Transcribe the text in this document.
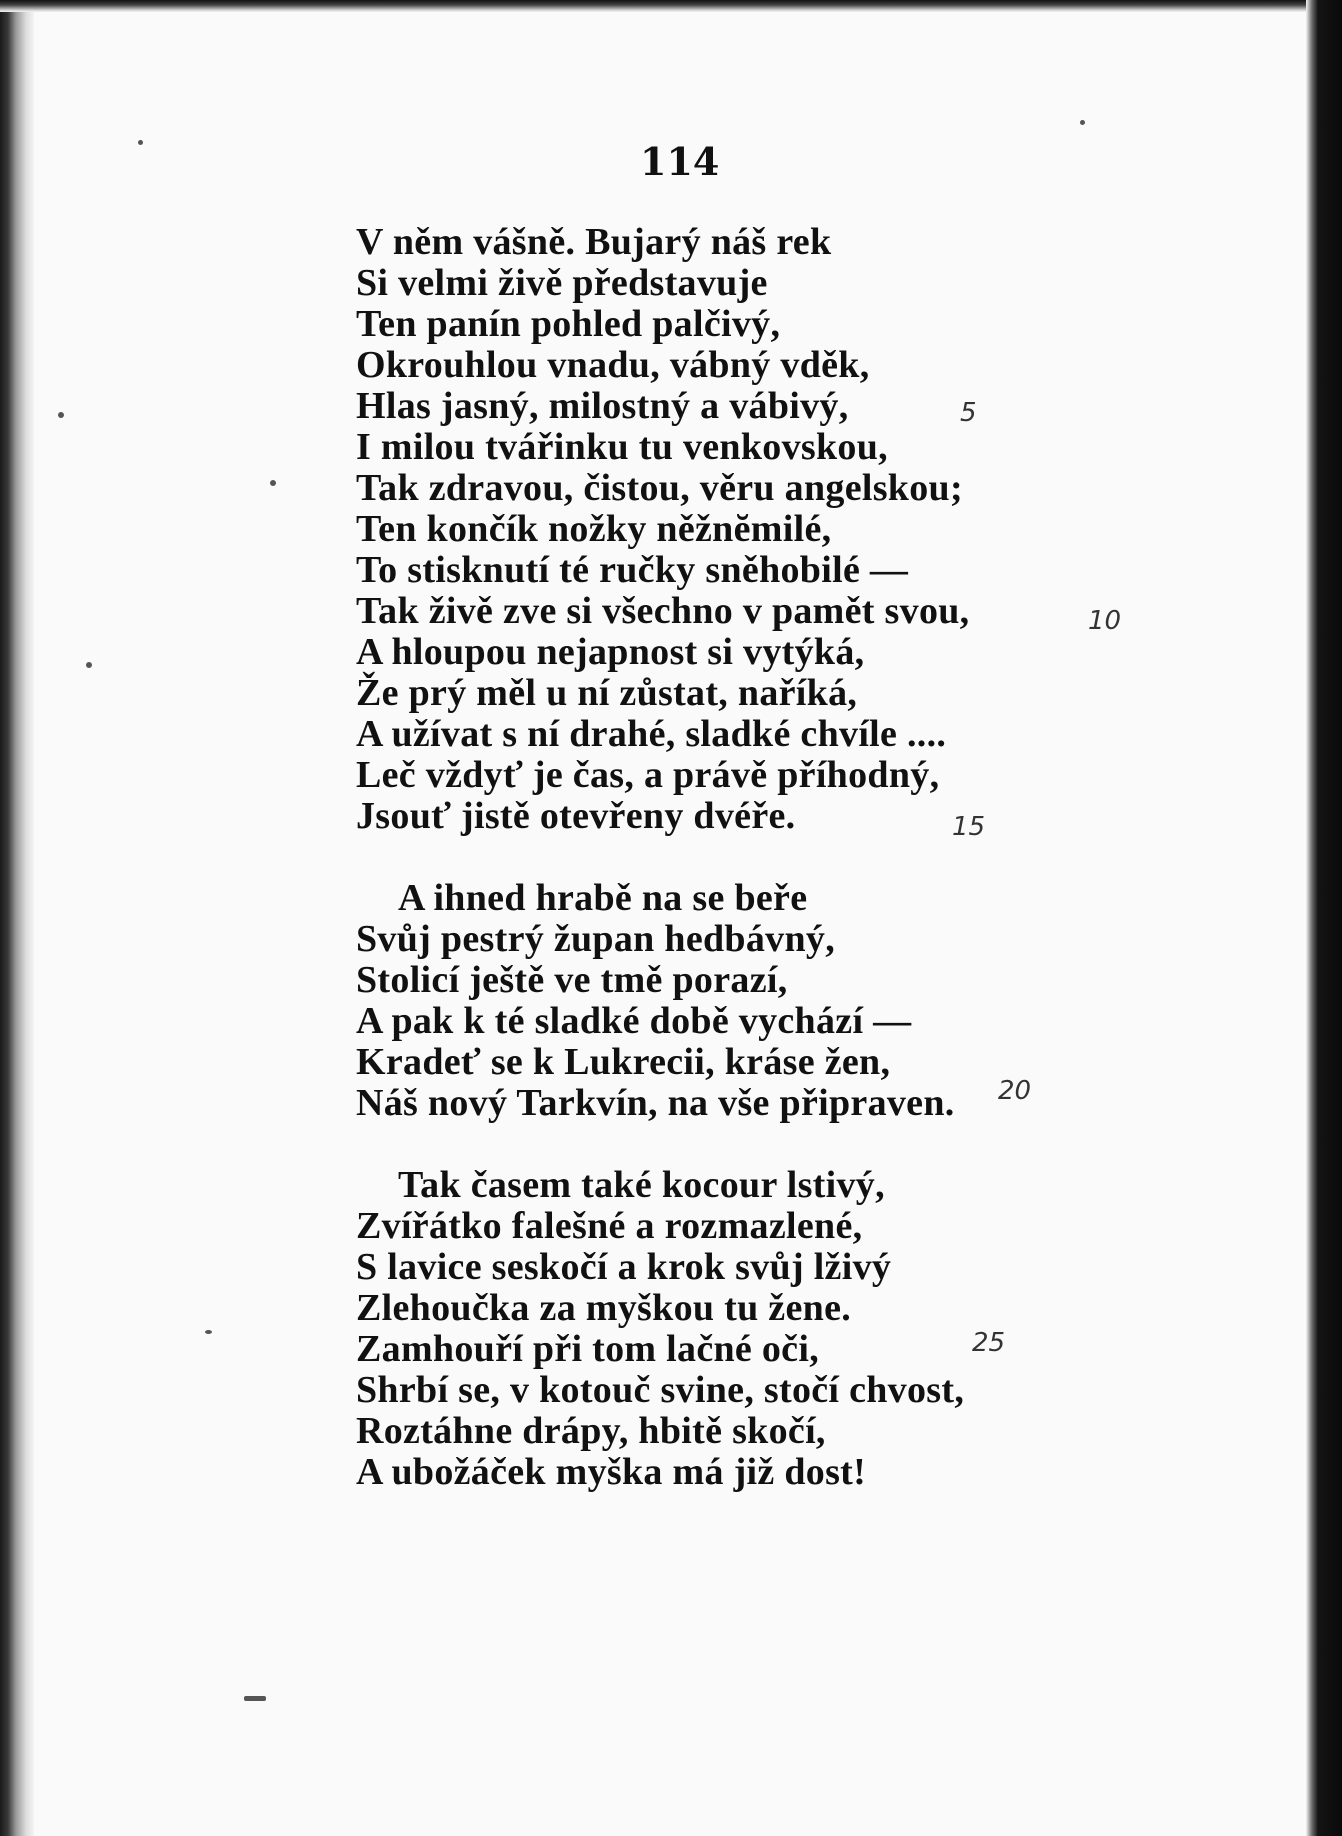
114
V něm vášně. Bujarý náš rek
Si velmi živě představuje
Ten panín pohled palčivý,
Okrouhlou vnadu, vábný vděk,
Hlas jasný, milostný a vábivý,
I milou tvářinku tu venkovskou,
Tak zdravou, čistou, věru angelskou;
Ten končík nožky něžnĕmilé,
To stisknutí té ručky sněhobilé —
Tak živě zve si všechno v pamět svou,
A hloupou nejapnost si vytýká,
Že prý měl u ní zůstat, naříká,
A užívat s ní drahé, sladké chvíle ....
Leč vždyť je čas, a právě příhodný,
Jsouť jistě otevřeny dvéře.
A ihned hrabě na se beře
Svůj pestrý župan hedbávný,
Stolicí ještě ve tmě porazí,
A pak k té sladké době vychází —
Kradeť se k Lukrecii, kráse žen,
Náš nový Tarkvín, na vše připraven.
Tak časem také kocour lstivý,
Zvířátko falešné a rozmazlené,
S lavice seskočí a krok svůj lživý
Zlehoučka za myškou tu žene.
Zamhouří při tom lačné oči,
Shrbí se, v kotouč svine, stočí chvost,
Roztáhne drápy, hbitě skočí,
A ubožáček myška má již dost!
5
10
15
20
25
